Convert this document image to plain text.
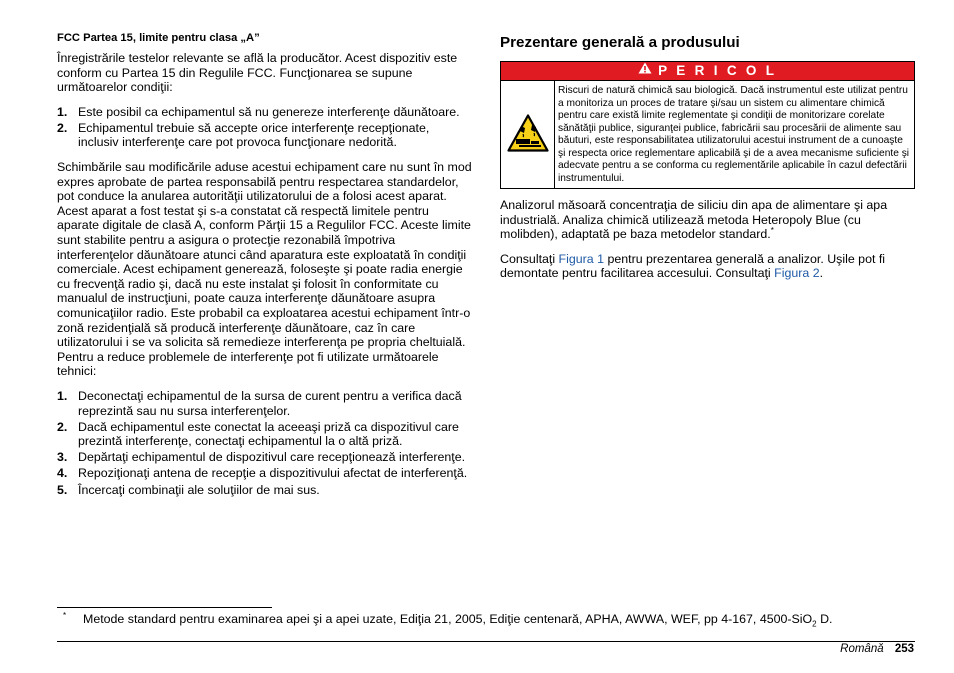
FCC Partea 15, limite pentru clasa „A”

Înregistrările testelor relevante se află la producător. Acest dispozitiv este conform cu Partea 15 din Regulile FCC. Funcţionarea se supune următoarelor condiţii:

1. Este posibil ca echipamentul să nu genereze interferenţe dăunătoare.
2. Echipamentul trebuie să accepte orice interferenţe recepţionate, inclusiv interferenţe care pot provoca funcţionare nedorită.

Schimbările sau modificările aduse acestui echipament care nu sunt în mod expres aprobate de partea responsabilă pentru respectarea standardelor, pot conduce la anularea autorităţii utilizatorului de a folosi acest aparat. Acest aparat a fost testat şi s-a constatat că respectă limitele pentru aparate digitale de clasă A, conform Părţii 15 a Regulilor FCC. Aceste limite sunt stabilite pentru a asigura o protecţie rezonabilă împotriva interferenţelor dăunătoare atunci când aparatura este exploatată în condiţii comerciale. Acest echipament generează, foloseşte şi poate radia energie cu frecvenţă radio şi, dacă nu este instalat şi folosit în conformitate cu manualul de instrucţiuni, poate cauza interferenţe dăunătoare asupra comunicaţiilor radio. Este probabil ca exploatarea acestui echipament într-o zonă rezidenţială să producă interferenţe dăunătoare, caz în care utilizatorului i se va solicita să remedieze interferenţa pe propria cheltuială. Pentru a reduce problemele de interferenţe pot fi utilizate următoarele tehnici:

1. Deconectaţi echipamentul de la sursa de curent pentru a verifica dacă reprezintă sau nu sursa interferenţelor.
2. Dacă echipamentul este conectat la aceeaşi priză ca dispozitivul care prezintă interferenţe, conectaţi echipamentul la o altă priză.
3. Depărtaţi echipamentul de dispozitivul care recepţionează interferenţe.
4. Repoziţionaţi antena de recepţie a dispozitivului afectat de interferenţă.
5. Încercaţi combinaţii ale soluţiilor de mai sus.
Prezentare generală a produsului
P E R I C O L
Riscuri de natură chimică sau biologică. Dacă instrumentul este utilizat pentru a monitoriza un proces de tratare şi/sau un sistem cu alimentare chimică pentru care există limite reglementate şi condiţii de monitorizare corelate sănătăţii publice, siguranţei publice, fabricării sau procesării de alimente sau băuturi, este responsabilitatea utilizatorului acestui instrument de a cunoaşte şi respecta orice reglementare aplicabilă şi de a avea mecanisme suficiente şi adecvate pentru a se conforma cu reglementările aplicabile în cazul defectării instrumentului.

Analizorul măsoară concentraţia de siliciu din apa de alimentare şi apa industrială. Analiza chimică utilizează metoda Heteropoly Blue (cu molibden), adaptată pe baza metodelor standard.*

Consultaţi Figura 1 pentru prezentarea generală a analizor. Uşile pot fi demontate pentru facilitarea accesului. Consultaţi Figura 2.

* Metode standard pentru examinarea apei şi a apei uzate, Ediţia 21, 2005, Ediţie centenară, APHA, AWWA, WEF, pp 4-167, 4500-SiO$_2$ D.
Română 253
